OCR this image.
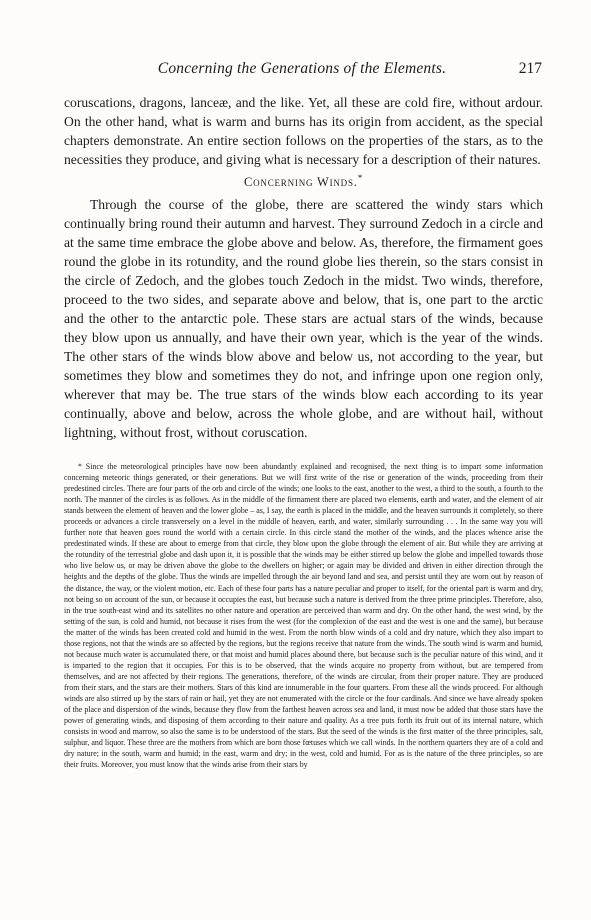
Concerning the Generations of the Elements.	217

coruscations, dragons, lanceæ, and the like. Yet, all these are cold fire, without ardour. On the other hand, what is warm and burns has its origin from accident, as the special chapters demonstrate. An entire section follows on the properties of the stars, as to the necessities they produce, and giving what is necessary for a description of their natures.

Concerning Winds.*

Through the course of the globe, there are scattered the windy stars which continually bring round their autumn and harvest. They surround Zedoch in a circle and at the same time embrace the globe above and below. As, therefore, the firmament goes round the globe in its rotundity, and the round globe lies therein, so the stars consist in the circle of Zedoch, and the globes touch Zedoch in the midst. Two winds, therefore, proceed to the two sides, and separate above and below, that is, one part to the arctic and the other to the antarctic pole. These stars are actual stars of the winds, because they blow upon us annually, and have their own year, which is the year of the winds. The other stars of the winds blow above and below us, not according to the year, but sometimes they blow and sometimes they do not, and infringe upon one region only, wherever that may be. The true stars of the winds blow each according to its year continually, above and below, across the whole globe, and are without hail, without lightning, without frost, without coruscation.

* Since the meteorological principles have now been abundantly explained and recognised, the next thing is to impart some information concerning meteoric things generated, or their generations. But we will first write of the rise or generation of the winds, proceeding from their predestined circles. There are four parts of the orb and circle of the winds; one looks to the east, another to the west, a third to the south, a fourth to the north. The manner of the circles is as follows. As in the middle of the firmament there are placed two elements, earth and water, and the element of air stands between the element of heaven and the lower globe – as, I say, the earth is placed in the middle, and the heaven surrounds it completely, so there proceeds or advances a circle transversely on a level in the middle of heaven, earth, and water, similarly surrounding . . . In the same way you will further note that heaven goes round the world with a certain circle. In this circle stand the mother of the winds, and the places whence arise the predestinated winds. If these are about to emerge from that circle, they blow upon the globe through the element of air. But while they are arriving at the rotundity of the terrestrial globe and dash upon it, it is possible that the winds may be either stirred up below the globe and impelled towards those who live below us, or may be driven above the globe to the dwellers on higher; or again may be divided and driven in either direction through the heights and the depths of the globe. Thus the winds are impelled through the air beyond land and sea, and persist until they are worn out by reason of the distance, the way, or the violent motion, etc. Each of these four parts has a nature peculiar and proper to itself, for the oriental part is warm and dry, not being so on account of the sun, or because it occupies the east, but because such a nature is derived from the three prime principles. Therefore, also, in the true south-east wind and its satellites no other nature and operation are perceived than warm and dry. On the other hand, the west wind, by the setting of the sun, is cold and humid, not because it rises from the west (for the complexion of the east and the west is one and the same), but because the matter of the winds has been created cold and humid in the west. From the north blow winds of a cold and dry nature, which they also impart to those regions, not that the winds are so affected by the regions, but the regions receive that nature from the winds. The south wind is warm and humid, not because much water is accumulated there, or that moist and humid places abound there, but because such is the peculiar nature of this wind, and it is imparted to the region that it occupies. For this is to be observed, that the winds acquire no property from without, but are tempered from themselves, and are not affected by their regions. The generations, therefore, of the winds are circular, from their proper nature. They are produced from their stars, and the stars are their mothers. Stars of this kind are innumerable in the four quarters. From these all the winds proceed. For although winds are also stirred up by the stars of rain or hail, yet they are not enumerated with the circle or the four cardinals. And since we have already spoken of the place and dispersion of the winds, because they flow from the farthest heaven across sea and land, it must now be added that those stars have the power of generating winds, and disposing of them according to their nature and quality. As a tree puts forth its fruit out of its internal nature, which consists in wood and marrow, so also the same is to be understood of the stars. But the seed of the winds is the first matter of the three principles, salt, sulphur, and liquor. These three are the mothers from which are born those fœtuses which we call winds. In the northern quarters they are of a cold and dry nature; in the south, warm and humid; in the east, warm and dry; in the west, cold and humid. For as is the nature of the three principles, so are their fruits. Moreover, you must know that the winds arise from their stars by
